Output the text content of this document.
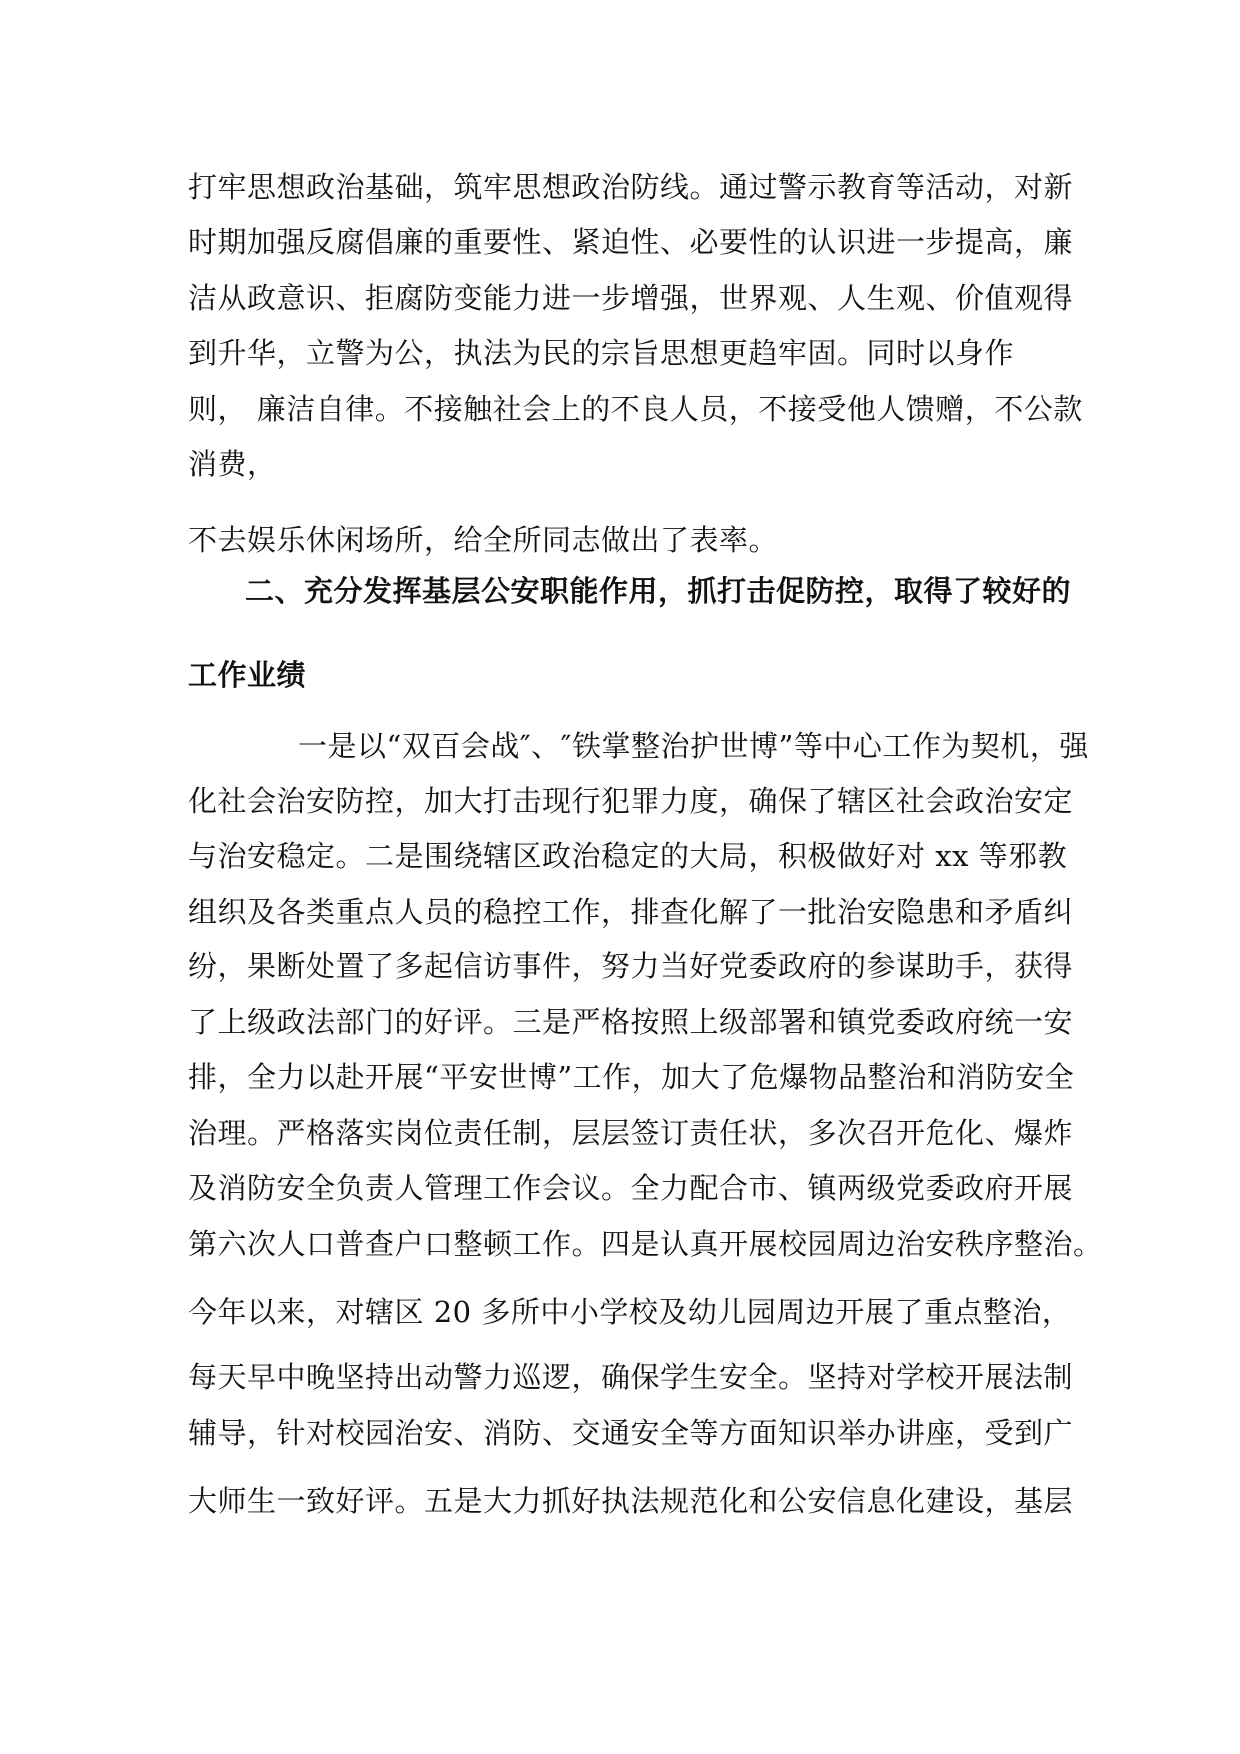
打牢思想政治基础，筑牢思想政治防线。通过警示教育等活动，对新
时期加强反腐倡廉的重要性、紧迫性、必要性的认识进一步提高，廉
洁从政意识、拒腐防变能力进一步增强，世界观、人生观、价值观得
到升华，立警为公，执法为民的宗旨思想更趋牢固。同时以身作
则， 廉洁自律。不接触社会上的不良人员，不接受他人馈赠，不公款
消费，
不去娱乐休闲场所，给全所同志做出了表率。
二、充分发挥基层公安职能作用，抓打击促防控，取得了较好的
工作业绩
一是以“双百会战″、″铁掌整治护世博”等中心工作为契机，强
化社会治安防控，加大打击现行犯罪力度，确保了辖区社会政治安定
与治安稳定。二是围绕辖区政治稳定的大局，积极做好对 xx 等邪教
组织及各类重点人员的稳控工作，排查化解了一批治安隐患和矛盾纠
纷，果断处置了多起信访事件，努力当好党委政府的参谋助手，获得
了上级政法部门的好评。三是严格按照上级部署和镇党委政府统一安
排，全力以赴开展“平安世博”工作，加大了危爆物品整治和消防安全
治理。严格落实岗位责任制，层层签订责任状，多次召开危化、爆炸
及消防安全负责人管理工作会议。全力配合市、镇两级党委政府开展
第六次人口普查户口整顿工作。四是认真开展校园周边治安秩序整治。
今年以来，对辖区 20 多所中小学校及幼儿园周边开展了重点整治，
每天早中晚坚持出动警力巡逻，确保学生安全。坚持对学校开展法制
辅导，针对校园治安、消防、交通安全等方面知识举办讲座，受到广
大师生一致好评。五是大力抓好执法规范化和公安信息化建设，基层
